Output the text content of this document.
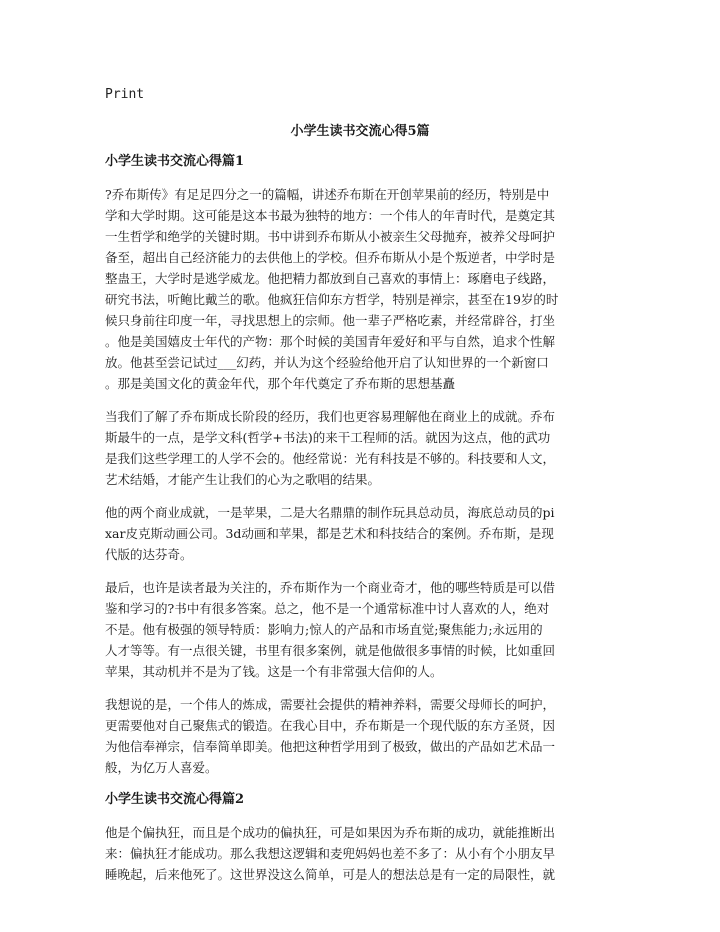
Print
小学生读书交流心得5篇
小学生读书交流心得篇1
?乔布斯传》有足足四分之一的篇幅，讲述乔布斯在开创苹果前的经历，特别是中
学和大学时期。这可能是这本书最为独特的地方：一个伟人的年青时代，是奠定其
一生哲学和绝学的关键时期。书中讲到乔布斯从小被亲生父母抛弃，被养父母呵护
备至，超出自己经济能力的去供他上的学校。但乔布斯从小是个叛逆者，中学时是
整蛊王，大学时是逃学威龙。他把精力都放到自己喜欢的事情上：琢磨电子线路，
研究书法，听鲍比戴兰的歌。他疯狂信仰东方哲学，特别是禅宗，甚至在19岁的时
候只身前往印度一年，寻找思想上的宗师。他一辈子严格吃素，并经常辟谷，打坐
。他是美国嬉皮士年代的产物：那个时候的美国青年爱好和平与自然，追求个性解
放。他甚至尝记试过___幻药，并认为这个经验给他开启了认知世界的一个新窗口
。那是美国文化的黄金年代，那个年代奠定了乔布斯的思想基矗
当我们了解了乔布斯成长阶段的经历，我们也更容易理解他在商业上的成就。乔布
斯最牛的一点，是学文科(哲学+书法)的来干工程师的活。就因为这点，他的武功
是我们这些学理工的人学不会的。他经常说：光有科技是不够的。科技要和人文，
艺术结婚，才能产生让我们的心为之歌唱的结果。
他的两个商业成就，一是苹果，二是大名鼎鼎的制作玩具总动员，海底总动员的pi
xar皮克斯动画公司。3d动画和苹果，都是艺术和科技结合的案例。乔布斯，是现
代版的达芬奇。
最后，也许是读者最为关注的，乔布斯作为一个商业奇才，他的哪些特质是可以借
鉴和学习的?书中有很多答案。总之，他不是一个通常标准中讨人喜欢的人，绝对
不是。他有极强的领导特质：影响力;惊人的产品和市场直觉;聚焦能力;永远用的
人才等等。有一点很关键，书里有很多案例，就是他做很多事情的时候，比如重回
苹果，其动机并不是为了钱。这是一个有非常强大信仰的人。
我想说的是，一个伟人的炼成，需要社会提供的精神养料，需要父母师长的呵护，
更需要他对自己聚焦式的锻造。在我心目中，乔布斯是一个现代版的东方圣贤，因
为他信奉禅宗，信奉简单即美。他把这种哲学用到了极致，做出的产品如艺术品一
般，为亿万人喜爱。
小学生读书交流心得篇2
他是个偏执狂，而且是个成功的偏执狂，可是如果因为乔布斯的成功，就能推断出
来：偏执狂才能成功。那么我想这逻辑和麦兜妈妈也差不多了：从小有个小朋友早
睡晚起，后来他死了。这世界没这么简单，可是人的想法总是有一定的局限性，就
